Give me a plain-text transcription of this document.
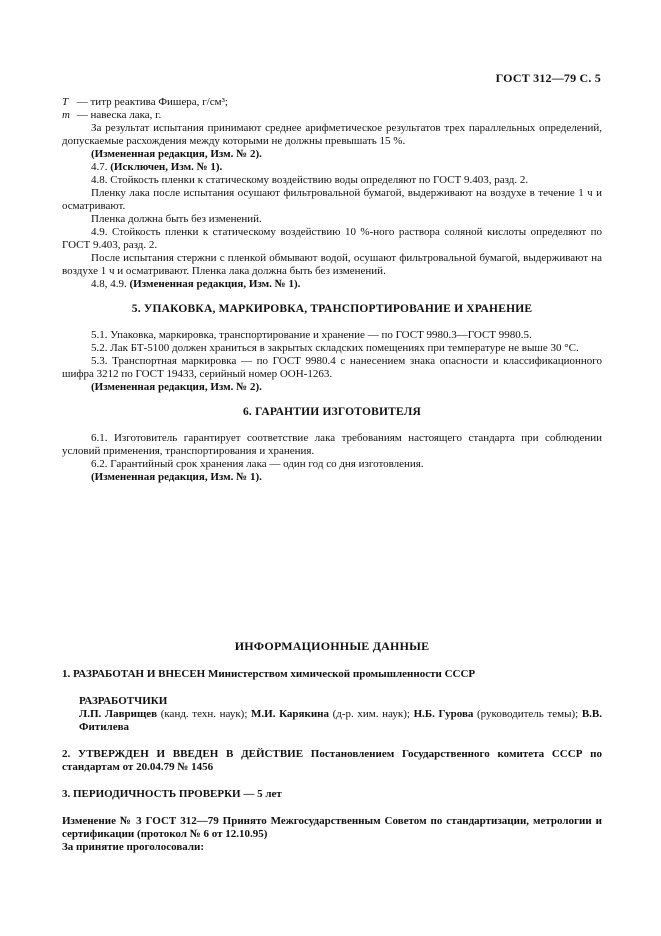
ГОСТ 312—79 С. 5

Т — титр реактива Фишера, г/см³;

m — навеска лака, г.

За результат испытания принимают среднее арифметическое результатов трех параллельных определений, допускаемые расхождения между которыми не должны превышать 15 %.

(Измененная редакция, Изм. № 2).

4.7. (Исключен, Изм. № 1).

4.8. Стойкость пленки к статическому воздействию воды определяют по ГОСТ 9.403, разд. 2.

Пленку лака после испытания осушают фильтровальной бумагой, выдерживают на воздухе в течение 1 ч и осматривают.

Пленка должна быть без изменений.

4.9. Стойкость пленки к статическому воздействию 10 %-ного раствора соляной кислоты определяют по ГОСТ 9.403, разд. 2.

После испытания стержни с пленкой обмывают водой, осушают фильтровальной бумагой, выдерживают на воздухе 1 ч и осматривают. Пленка лака должна быть без изменений.

4.8, 4.9. (Измененная редакция, Изм. № 1).

5. УПАКОВКА, МАРКИРОВКА, ТРАНСПОРТИРОВАНИЕ И ХРАНЕНИЕ

5.1. Упаковка, маркировка, транспортирование и хранение — по ГОСТ 9980.3—ГОСТ 9980.5.

5.2. Лак БТ-5100 должен храниться в закрытых складских помещениях при температуре не выше 30 °С.

5.3. Транспортная маркировка — по ГОСТ 9980.4 с нанесением знака опасности и классификационного шифра 3212 по ГОСТ 19433, серийный номер ООН-1263.

(Измененная редакция, Изм. № 2).

6. ГАРАНТИИ ИЗГОТОВИТЕЛЯ

6.1. Изготовитель гарантирует соответствие лака требованиям настоящего стандарта при соблюдении условий применения, транспортирования и хранения.

6.2. Гарантийный срок хранения лака — один год со дня изготовления.

(Измененная редакция, Изм. № 1).

ИНФОРМАЦИОННЫЕ ДАННЫЕ

1. РАЗРАБОТАН И ВНЕСЕН Министерством химической промышленности СССР

РАЗРАБОТЧИКИ
Л.П. Лаврищев (канд. техн. наук); М.И. Карякина (д-р. хим. наук); Н.Б. Гурова (руководитель темы); В.В. Фитилева

2. УТВЕРЖДЕН И ВВЕДЕН В ДЕЙСТВИЕ Постановлением Государственного комитета СССР по стандартам от 20.04.79 № 1456

3. ПЕРИОДИЧНОСТЬ ПРОВЕРКИ — 5 лет

Изменение № 3 ГОСТ 312—79 Принято Межгосударственным Советом по стандартизации, метрологии и сертификации (протокол № 6 от 12.10.95)

За принятие проголосовали:
